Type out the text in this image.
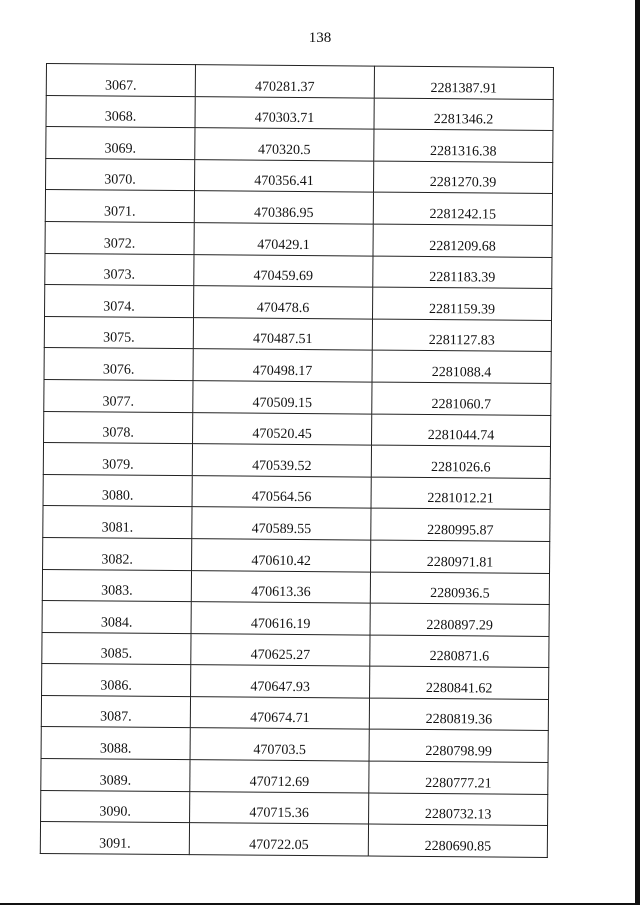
138
3067.	470281.37	2281387.91
3068.	470303.71	2281346.2
3069.	470320.5	2281316.38
3070.	470356.41	2281270.39
3071.	470386.95	2281242.15
3072.	470429.1	2281209.68
3073.	470459.69	2281183.39
3074.	470478.6	2281159.39
3075.	470487.51	2281127.83
3076.	470498.17	2281088.4
3077.	470509.15	2281060.7
3078.	470520.45	2281044.74
3079.	470539.52	2281026.6
3080.	470564.56	2281012.21
3081.	470589.55	2280995.87
3082.	470610.42	2280971.81
3083.	470613.36	2280936.5
3084.	470616.19	2280897.29
3085.	470625.27	2280871.6
3086.	470647.93	2280841.62
3087.	470674.71	2280819.36
3088.	470703.5	2280798.99
3089.	470712.69	2280777.21
3090.	470715.36	2280732.13
3091.	470722.05	2280690.85
